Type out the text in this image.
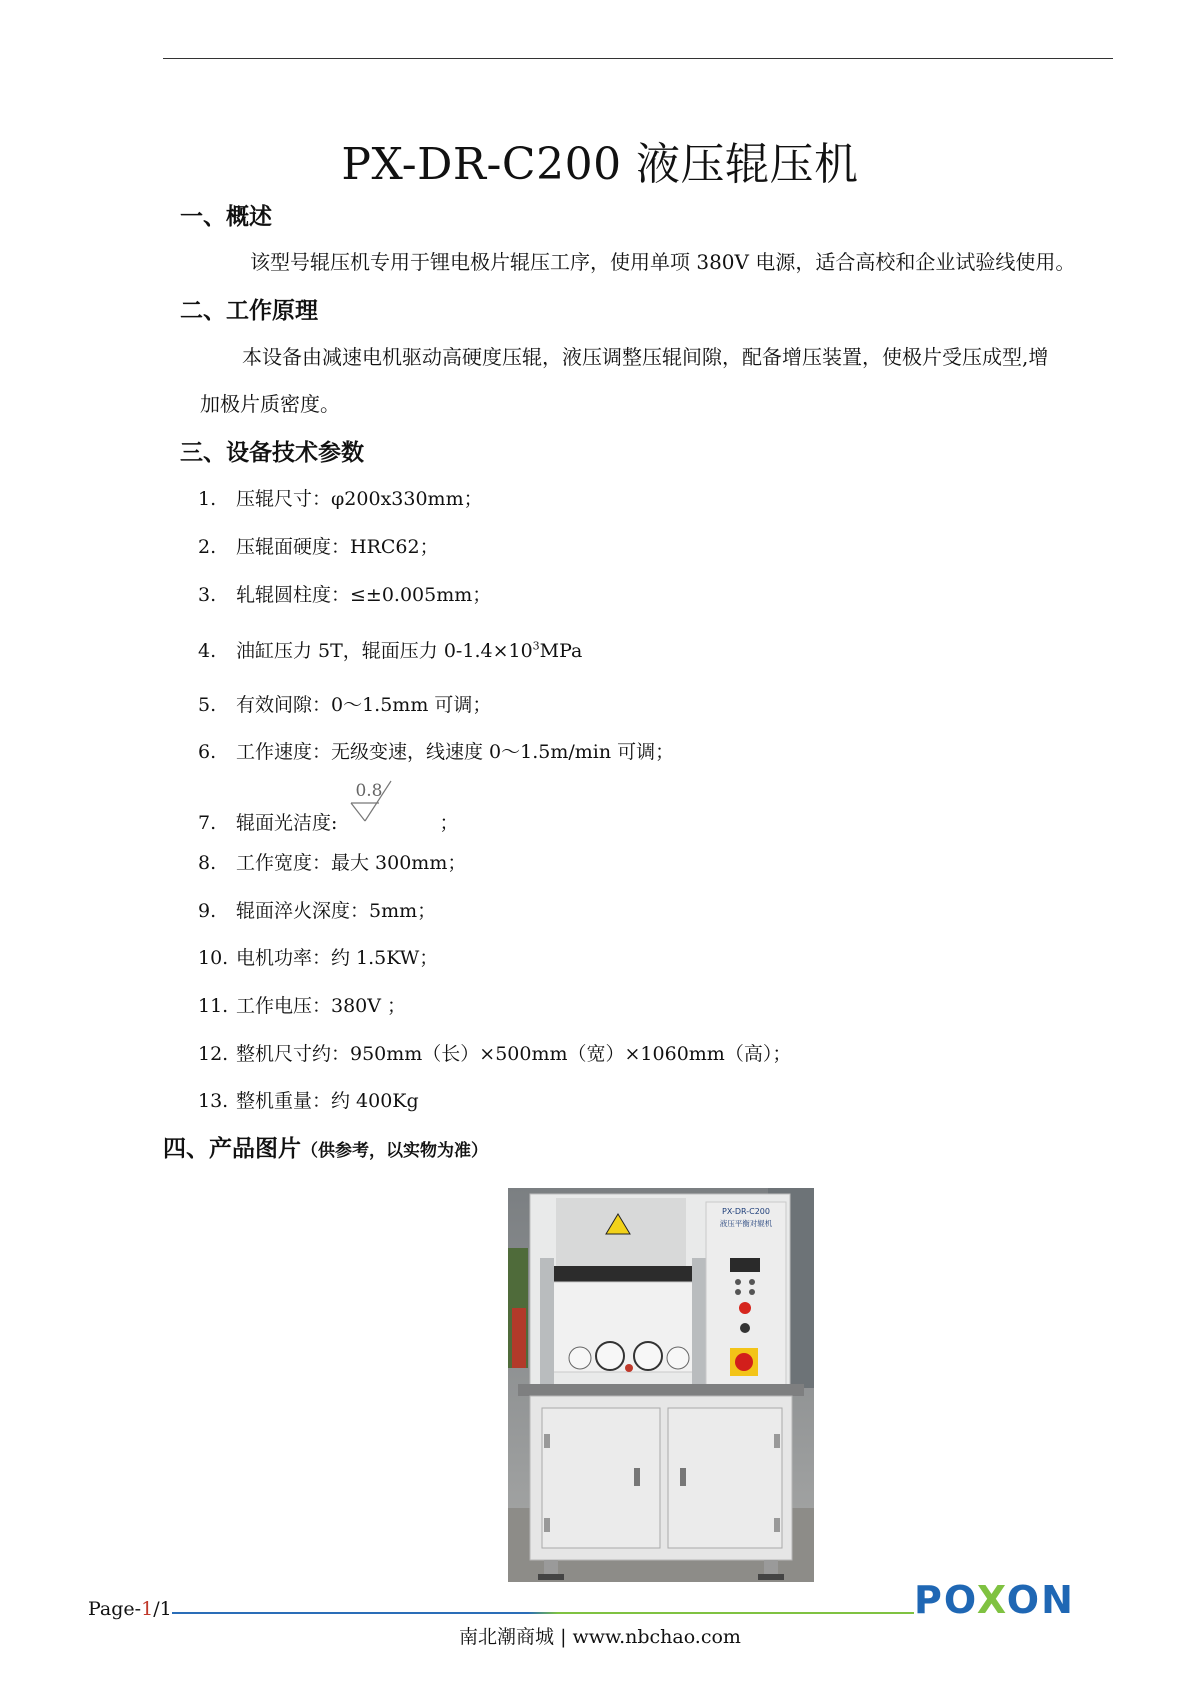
PX-DR-C200 液压辊压机
一、概述
该型号辊压机专用于锂电极片辊压工序，使用单项 380V 电源，适合高校和企业试验线使用。
二、工作原理
本设备由减速电机驱动高硬度压辊，液压调整压辊间隙，配备增压装置，使极片受压成型,增
加极片质密度。
三、设备技术参数
1. 压辊尺寸：φ200x330mm；
2. 压辊面硬度：HRC62；
3. 轧辊圆柱度：≤±0.005mm；
4. 油缸压力 5T，辊面压力 $0-1.4\times 10^3MPa$
5. 有效间隙：0～1.5mm 可调；
6. 工作速度：无级变速，线速度 0～1.5m/min 可调；
7. 辊面光洁度:
0.8
；
8. 工作宽度：最大 300mm；
9. 辊面淬火深度：5mm；
10. 电机功率：约 1.5KW；
11. 工作电压：380V ；
12. 整机尺寸约：950mm（长）×500mm（宽）×1060mm（高）；
13. 整机重量：约 400Kg
四、产品图片（供参考，以实物为准）
PX-DR-C200
液压平衡对辊机
Page-1/1	POXON
南北潮商城 | www.nbchao.com
